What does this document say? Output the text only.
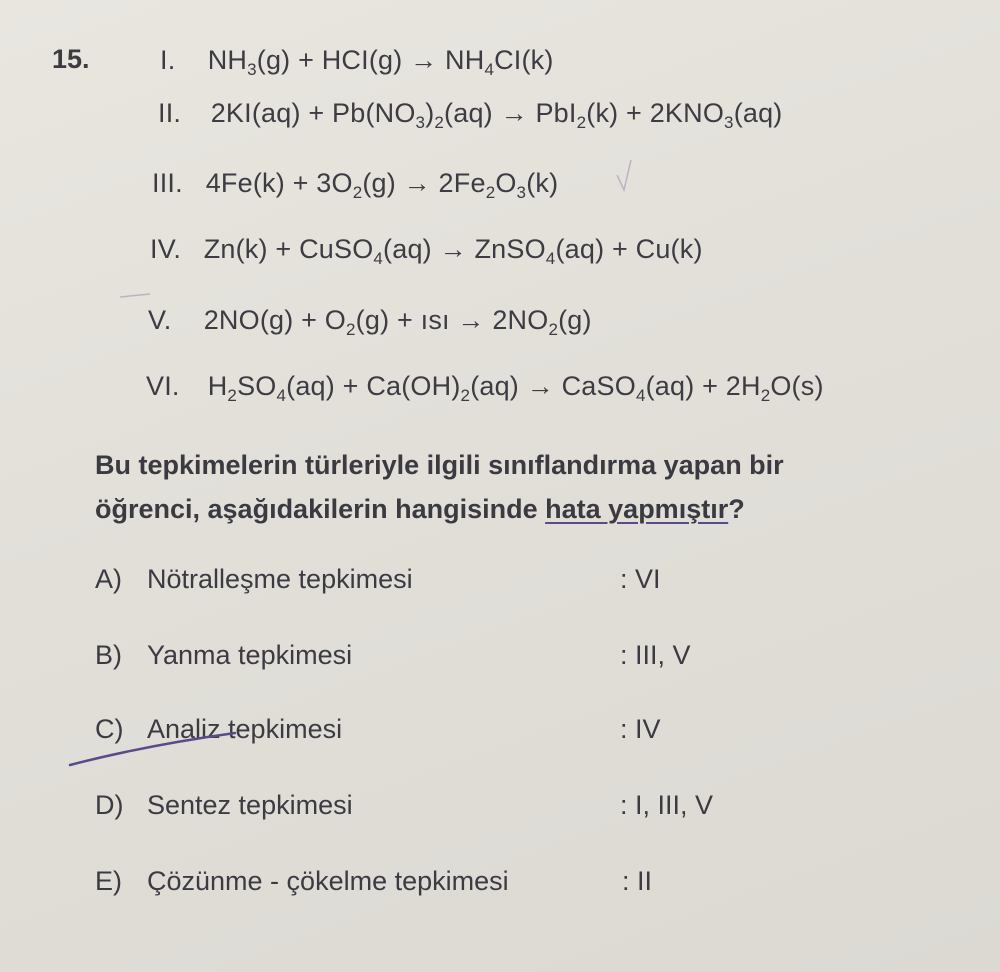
15.	I. $NH_3(g) + HCI(g) \to NH_4CI(k)$
II. $2KI(aq) + Pb(NO_3)_2(aq) \to PbI_2(k) + 2KNO_3(aq)$
III. $4Fe(k) + 3O_2(g) \to 2Fe_2O_3(k)$
IV. Zn(k) + CuSO$_4$(aq) → ZnSO$_4$(aq) + Cu(k)
V. $2NO(g) + O_2(g)$ + ısı → $2NO_2(g)$
VI. $H_2SO_4(aq) + Ca(OH)_2(aq)$ → CaSO$_4$(aq) + $2H_2O(s)$
Bu tepkimelerin türleriyle ilgili sınıflandırma yapan bir
öğrenci, aşağıdakilerin hangisinde hata yapmıştır?
A) Nötralleşme tepkimesi	: VI
B) Yanma tepkimesi	: III, V
C) Analiz tepkimesi	: IV
D) Sentez tepkimesi	: I, III, V
E) Çözünme - çökelme tepkimesi	: II
